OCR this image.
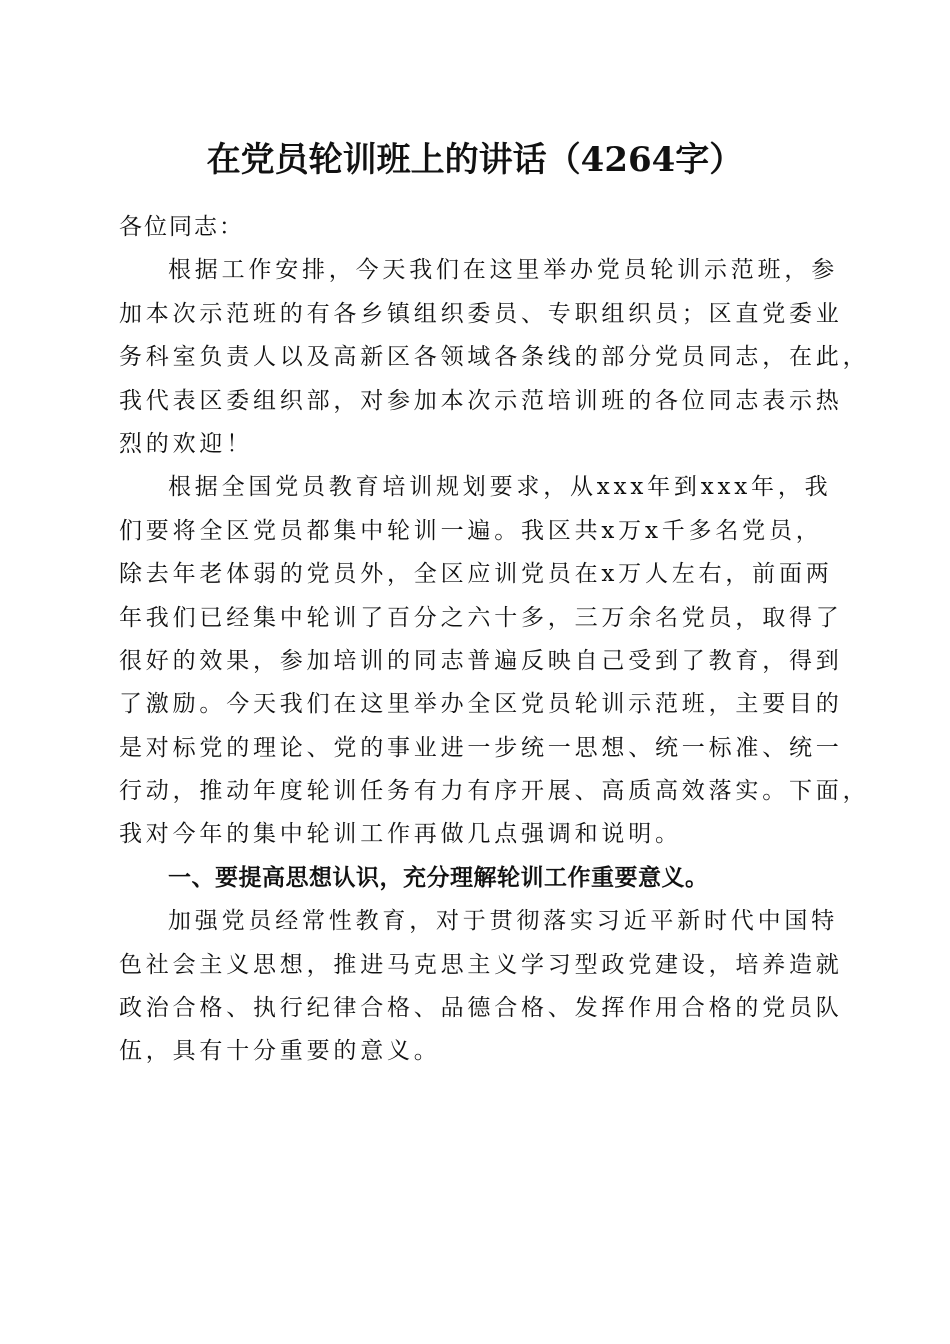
在党员轮训班上的讲话（4264字）
各位同志：
根据工作安排，今天我们在这里举办党员轮训示范班，参
加本次示范班的有各乡镇组织委员、专职组织员；区直党委业
务科室负责人以及高新区各领域各条线的部分党员同志，在此，
我代表区委组织部，对参加本次示范培训班的各位同志表示热
烈的欢迎！
根据全国党员教育培训规划要求，从xxx年到xxx年，我
们要将全区党员都集中轮训一遍。我区共x万x千多名党员，
除去年老体弱的党员外，全区应训党员在x万人左右，前面两
年我们已经集中轮训了百分之六十多，三万余名党员，取得了
很好的效果，参加培训的同志普遍反映自己受到了教育，得到
了激励。今天我们在这里举办全区党员轮训示范班，主要目的
是对标党的理论、党的事业进一步统一思想、统一标准、统一
行动，推动年度轮训任务有力有序开展、高质高效落实。下面，
我对今年的集中轮训工作再做几点强调和说明。
一、要提高思想认识，充分理解轮训工作重要意义。
加强党员经常性教育，对于贯彻落实习近平新时代中国特
色社会主义思想，推进马克思主义学习型政党建设，培养造就
政治合格、执行纪律合格、品德合格、发挥作用合格的党员队
伍，具有十分重要的意义。
